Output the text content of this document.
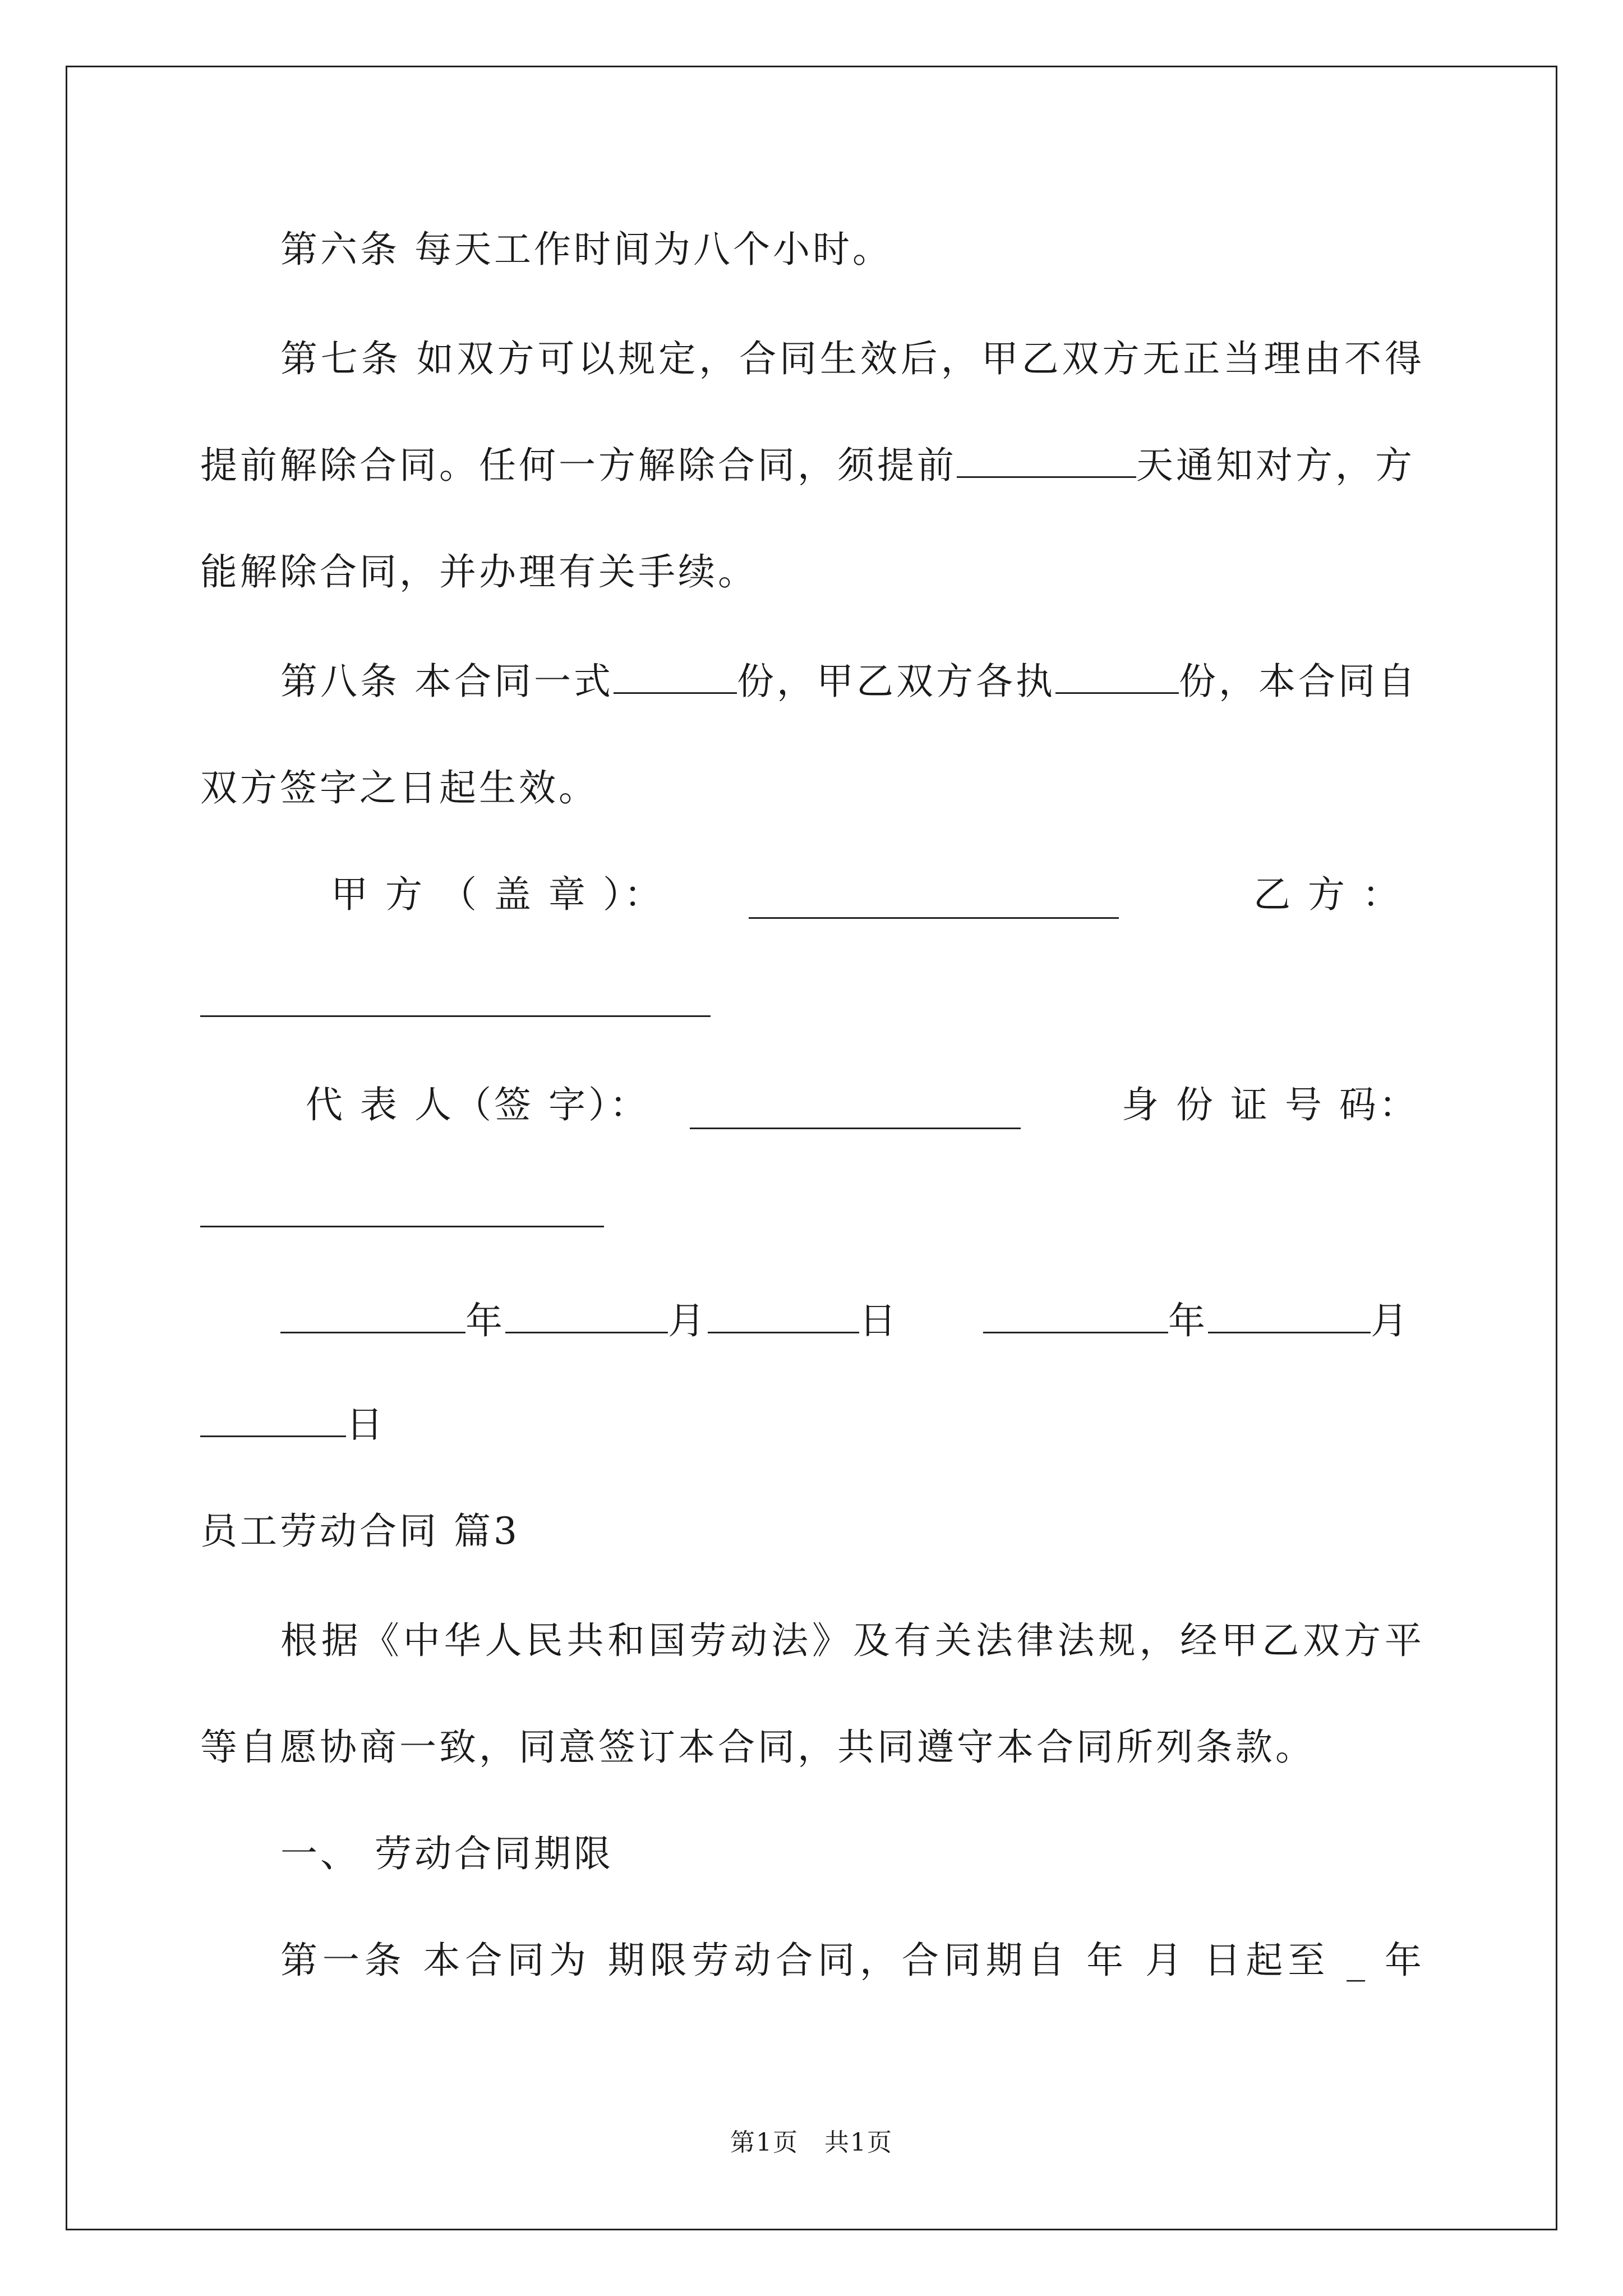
第六条 每天工作时间为八个小时。
第七条 如双方可以规定，合同生效后，甲乙双方无正当理由不得
提前解除合同。任何一方解除合同，须提前	天通知对方，方
能解除合同，并办理有关手续。
第八条 本合同一式	份，甲乙双方各执	份，本合同自
双方签字之日起生效。
甲 方 （ 盖 章 ）：	乙 方 ：
代 表 人（签 字）：	身 份 证 号 码：
年	月	日	年	月
日
员工劳动合同 篇3
根据《中华人民共和国劳动法》及有关法律法规，经甲乙双方平
等自愿协商一致，同意签订本合同，共同遵守本合同所列条款。
一、 劳动合同期限
第一条 本合同为 期限劳动合同，合同期自 年 月 日起至 _ 年
第1页　共1页
